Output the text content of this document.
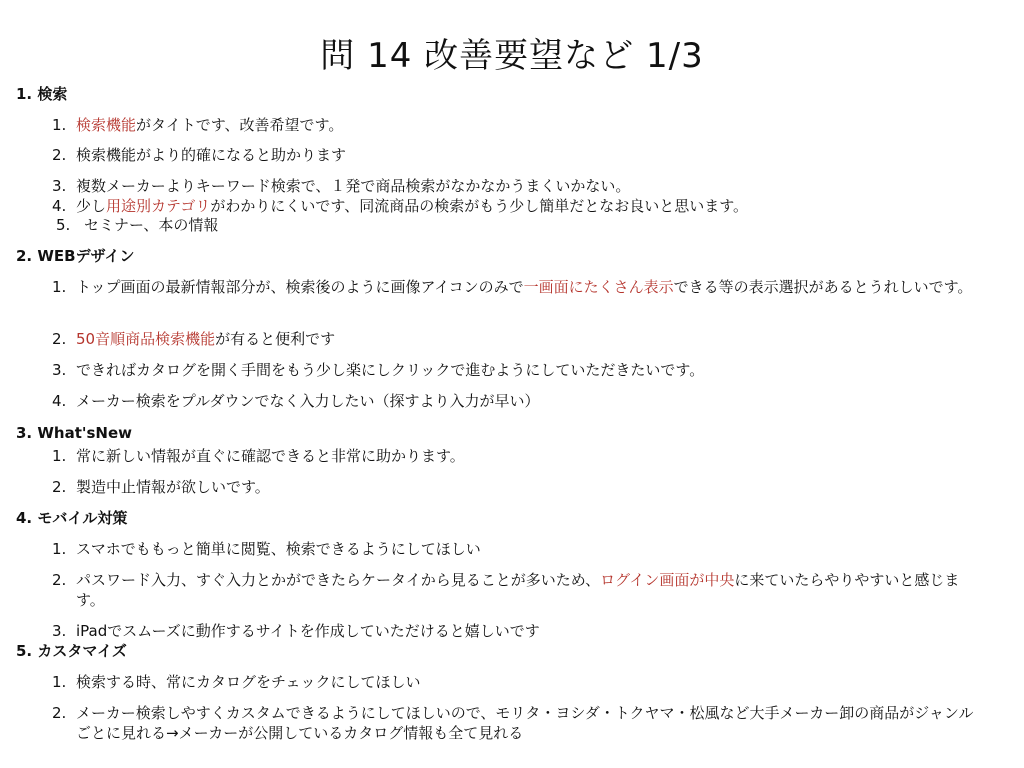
問 14 改善要望など 1/3
1. 検索
1. 検索機能がタイトです、改善希望です。
2. 検索機能がより的確になると助かります
3. 複数メーカーよりキーワード検索で、１発で商品検索がなかなかうまくいかない。
4. 少し用途別カテゴリがわかりにくいです、同流商品の検索がもう少し簡単だとなお良いと思います。
5. セミナー、本の情報
2. WEBデザイン
1. トップ画面の最新情報部分が、検索後のように画像アイコンのみで一画面にたくさん表示できる等の表示選択があるとうれしいです。
2. 50音順商品検索機能が有ると便利です
3. できればカタログを開く手間をもう少し楽にしクリックで進むようにしていただきたいです。
4. メーカー検索をプルダウンでなく入力したい（探すより入力が早い）
3. What'sNew
1. 常に新しい情報が直ぐに確認できると非常に助かります。
2. 製造中止情報が欲しいです。
4. モバイル対策
1. スマホでももっと簡単に閲覧、検索できるようにしてほしい
2. パスワード入力、すぐ入力とかができたらケータイから見ることが多いため、ログイン画面が中央に来ていたらやりやすいと感じます。
3. iPadでスムーズに動作するサイトを作成していただけると嬉しいです
5. カスタマイズ
1. 検索する時、常にカタログをチェックにしてほしい
2. メーカー検索しやすくカスタムできるようにしてほしいので、モリタ・ヨシダ・トクヤマ・松風など大手メーカー卸の商品がジャンルごとに見れる→メーカーが公開しているカタログ情報も全て見れる
